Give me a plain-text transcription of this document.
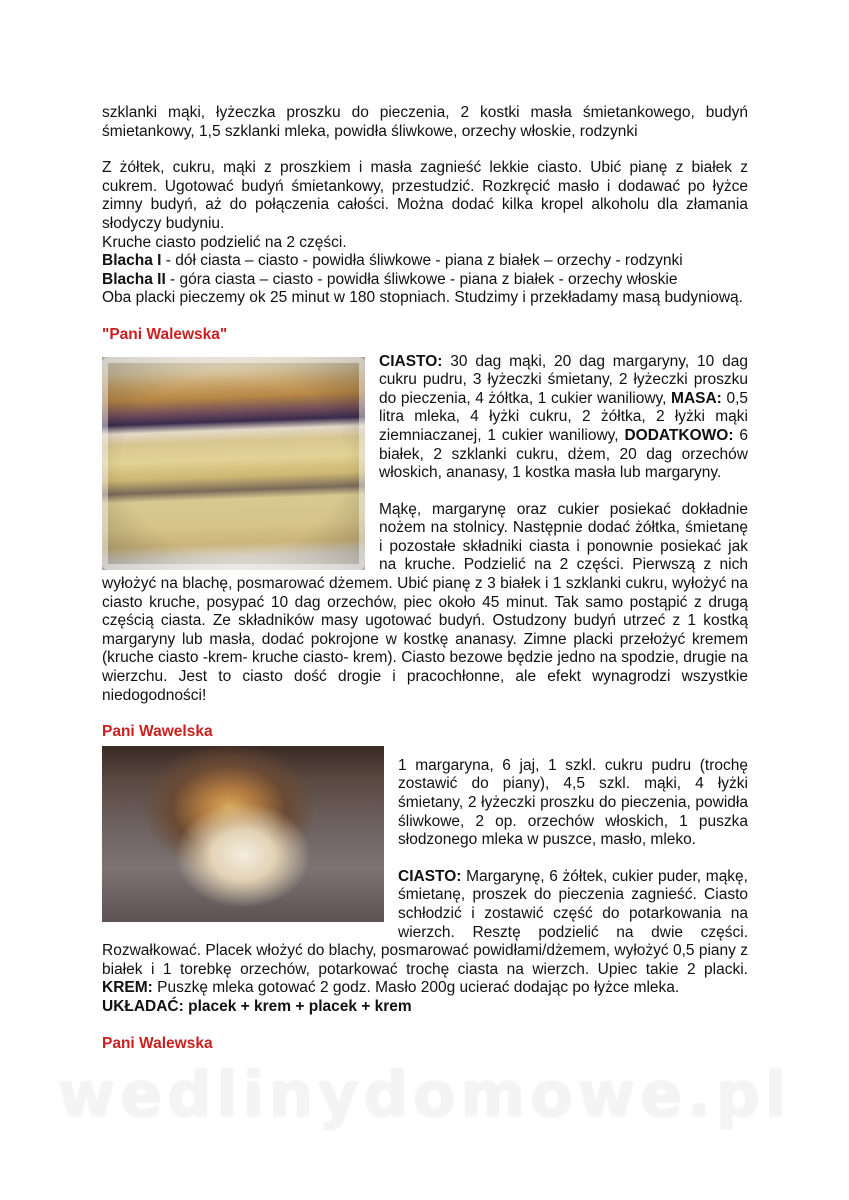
szklanki mąki, łyżeczka proszku do pieczenia, 2 kostki masła śmietankowego, budyń śmietankowy, 1,5 szklanki mleka, powidła śliwkowe, orzechy włoskie, rodzynki

Z żółtek, cukru, mąki z proszkiem i masła zagnieść lekkie ciasto. Ubić pianę z białek z cukrem. Ugotować budyń śmietankowy, przestudzić. Rozkręcić masło i dodawać po łyżce zimny budyń, aż do połączenia całości. Można dodać kilka kropel alkoholu dla złamania słodyczy budyniu.

Kruche ciasto podzielić na 2 części.

Blacha I - dół ciasta – ciasto - powidła śliwkowe - piana z białek – orzechy - rodzynki

Blacha II - góra ciasta – ciasto - powidła śliwkowe - piana z białek - orzechy włoskie

Oba placki pieczemy ok 25 minut w 180 stopniach. Studzimy i przekładamy masą budyniową.

"Pani Walewska"

CIASTO: 30 dag mąki, 20 dag margaryny, 10 dag cukru pudru, 3 łyżeczki śmietany, 2 łyżeczki proszku do pieczenia, 4 żółtka, 1 cukier waniliowy, MASA: 0,5 litra mleka, 4 łyżki cukru, 2 żółtka, 2 łyżki mąki ziemniaczanej, 1 cukier waniliowy, DODATKOWO: 6 białek, 2 szklanki cukru, dżem, 20 dag orzechów włoskich, ananasy, 1 kostka masła lub margaryny.

Mąkę, margarynę oraz cukier posiekać dokładnie nożem na stolnicy. Następnie dodać żółtka, śmietanę i pozostałe składniki ciasta i ponownie posiekać jak na kruche. Podzielić na 2 części. Pierwszą z nich wyłożyć na blachę, posmarować dżemem. Ubić pianę z 3 białek i 1 szklanki cukru, wyłożyć na ciasto kruche, posypać 10 dag orzechów, piec około 45 minut. Tak samo postąpić z drugą częścią ciasta. Ze składników masy ugotować budyń. Ostudzony budyń utrzeć z 1 kostką margaryny lub masła, dodać pokrojone w kostkę ananasy. Zimne placki przełożyć kremem (kruche ciasto -krem- kruche ciasto- krem). Ciasto bezowe będzie jedno na spodzie, drugie na wierzchu. Jest to ciasto dość drogie i pracochłonne, ale efekt wynagrodzi wszystkie niedogodności!

Pani Wawelska

1 margaryna, 6 jaj, 1 szkl. cukru pudru (trochę zostawić do piany), 4,5 szkl. mąki, 4 łyżki śmietany, 2 łyżeczki proszku do pieczenia, powidła śliwkowe, 2 op. orzechów włoskich, 1 puszka słodzonego mleka w puszce, masło, mleko.

CIASTO: Margarynę, 6 żółtek, cukier puder, mąkę, śmietanę, proszek do pieczenia zagnieść. Ciasto schłodzić i zostawić część do potarkowania na wierzch. Resztę podzielić na dwie części. Rozwałkować. Placek włożyć do blachy, posmarować powidłami/dżemem, wyłożyć 0,5 piany z białek i 1 torebkę orzechów, potarkować trochę ciasta na wierzch. Upiec takie 2 placki. KREM: Puszkę mleka gotować 2 godz. Masło 200g ucierać dodając po łyżce mleka.

UKŁADAĆ: placek + krem + placek + krem

Pani Walewska

wedlinydomowe.pl
